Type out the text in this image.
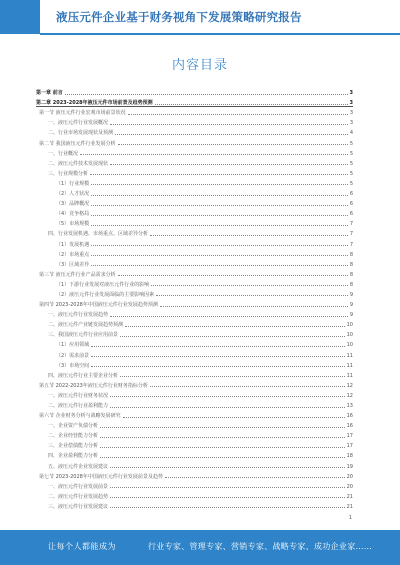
液压元件企业基于财务视角下发展策略研究报告
内容目录
第一章 前言	3
第二章 2023-2028年液压元件市场前景及趋势预测	3
第一节 液压元件行业宏观市场前景状况	3
一、液压元件行业发展概况	3
二、行业市场发展现状及预测	4
第二节 我国液压元件行业发展分析	5
一、行业概况	5
二、液压元件技术发展现状	5
三、行业规模分析	5
（1）行业规模	5
（2）人才状况	6
（3）品牌概况	6
（4）竞争格局	6
（5）市场规模	7
四、行业发展机遇、市场重点、区域差异分析	7
（1）发展机遇	7
（2）市场重点	8
（3）区域差异	8
第三节 液压元件行业产品需求分析	8
（1）下游行业发展对液压元件行业的影响	8
（2）液压元件行业发展面临的主要影响因素	9
第四节 2023-2028年中国液压元件行业发展趋势预测	9
一、液压元件行业发展趋势	9
二、液压元件产业链发展趋势预测	10
三、我国液压元件行业应用前景	10
（1）应用领域	10
（2）需求前景	11
（3）市场空间	11
四、液压元件行业主要企业分析	11
第五节 2022-2023年液压元件行业财务指标分析	12
一、液压元件行业财务状况	12
二、液压元件行业盈利能力	13
第六节 企业财务分析与战略发展研究	16
一、企业资产负债分析	16
二、企业经营能力分析	17
三、企业偿债能力分析	17
四、企业盈利能力分析	18
五、液压元件企业发展建议	19
第七节 2023-2028年中国液压元件行业发展前景及趋势	20
一、液压元件行业发展前景	20
二、液压元件行业发展趋势	21
三、液压元件行业发展建议	21
1
让每个人都能成为	行业专家、管理专家、营销专家、战略专家、成功企业家……
